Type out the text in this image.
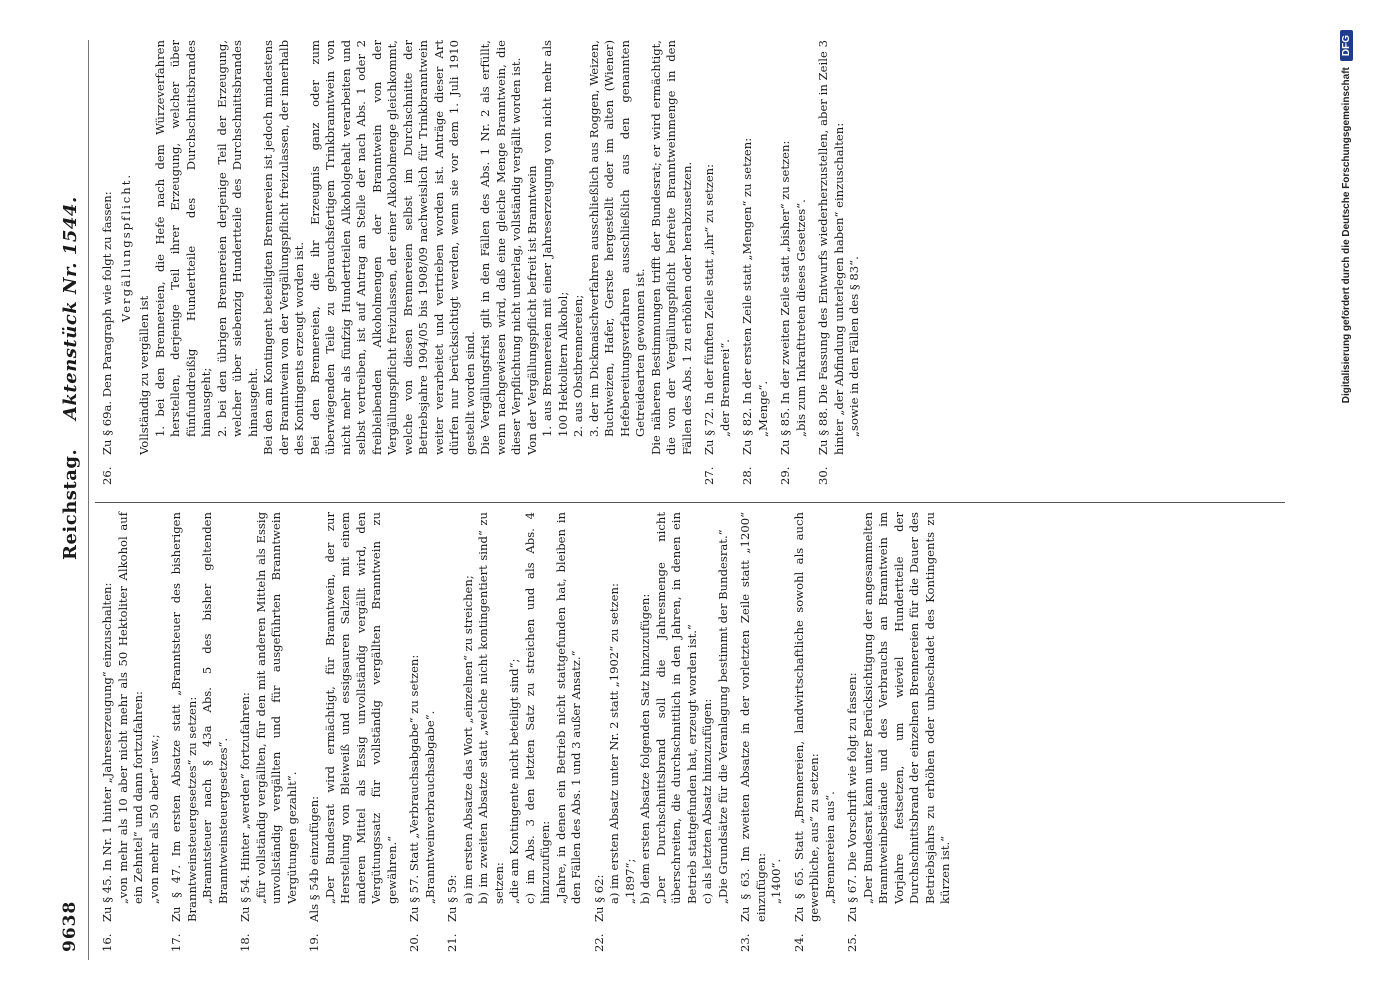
9638
Reichstag.
Aktenstück Nr. 1544.
16.

Zu § 45. In Nr. 1 hinter „Jahreserzeugung“ einzuschalten: „von mehr als 10 aber nicht mehr als 50 Hektoliter Alkohol auf ein Zehntel“ und dann fortzufahren: „von mehr als 50 aber“ usw.;

17.

Zu § 47. Im ersten Absatze statt „Branntsteuer des bisherigen Branntweinsteuergesetzes“ zu setzen: „Branntsteuer nach § 43a Abs. 5 des bisher geltenden Branntweinsteuergesetzes“.

18.

Zu § 54. Hinter „werden“ fortzufahren: „für vollständig vergällten, für den mit anderen Mitteln als Essig unvollständig vergällten und für ausgeführten Branntwein Vergütungen gezahlt“.

19.

Als § 54b einzufügen: „Der Bundesrat wird ermächtigt, für Branntwein, der zur Herstellung von Bleiweiß und essigsauren Salzen mit einem anderen Mittel als Essig unvollständig vergällt wird, den Vergütungssatz für vollständig vergällten Branntwein zu gewähren.“

20.

Zu § 57. Statt „Verbrauchsabgabe“ zu setzen: „Branntweinverbrauchsabgabe“.

21.

Zu § 59: a) im ersten Absatze das Wort „einzelnen“ zu streichen; b) im zweiten Absatze statt „welche nicht kontingentiert sind“ zu setzen: „die am Kontingente nicht beteiligt sind“; c) im Abs. 3 den letzten Satz zu streichen und als Abs. 4 hinzuzufügen: „Jahre, in denen ein Betrieb nicht stattgefunden hat, bleiben in den Fällen des Abs. 1 und 3 außer Ansatz.“

22.

Zu § 62: a) im ersten Absatz unter Nr. 2 statt „1902“ zu setzen: „1897“; b) dem ersten Absatze folgenden Satz hinzuzufügen: „Der Durchschnittsbrand soll die Jahresmenge nicht überschreiten, die durchschnittlich in den Jahren, in denen ein Betrieb stattgefunden hat, erzeugt worden ist.“ c) als letzten Absatz hinzuzufügen: „Die Grundsätze für die Veranlagung bestimmt der Bundesrat.“

23.

Zu § 63. Im zweiten Absatze in der vorletzten Zeile statt „1200“ einzufügen: „1400“.

24.

Zu § 65. Statt „Brennereien, landwirtschaftliche sowohl als auch gewerbliche, aus“ zu setzen: „Brennereien aus“.

25.

Zu § 67. Die Vorschrift wie folgt zu fassen: „Der Bundesrat kann unter Berücksichtigung der angesammelten Branntweinbestände und des Verbrauchs an Branntwein im Vorjahre festsetzen, um wieviel Hundertteile der Durchschnittsbrand der einzelnen Brennereien für die Dauer des Betriebsjahrs zu erhöhen oder unbeschadet des Kontingents zu kürzen ist.“

26.

Zu § 69a. Den Paragraph wie folgt zu fassen: Vergällungspflicht.

Vollständig zu vergällen ist 1. bei den Brennereien, die Hefe nach dem Würzeverfahren herstellen, derjenige Teil ihrer Erzeugung, welcher über fünfunddreißig Hundertteile des Durchschnittsbrandes hinausgeht; 2. bei den übrigen Brennereien derjenige Teil der Erzeugung, welcher über siebenzig Hundertteile des Durchschnittsbrandes hinausgeht. Bei den am Kontingent beteiligten Brennereien ist jedoch mindestens der Branntwein von der Vergällungspflicht freizulassen, der innerhalb des Kontingents erzeugt worden ist. Bei den Brennereien, die ihr Erzeugnis ganz oder zum überwiegenden Teile zu gebrauchsfertigem Trinkbranntwein von nicht mehr als fünfzig Hundertteilen Alkoholgehalt verarbeiten und selbst vertreiben, ist auf Antrag an Stelle der nach Abs. 1 oder 2 freibleibenden Alkoholmengen der Branntwein von der Vergällungspflicht freizulassen, der einer Alkoholmenge gleichkommt, welche von diesen Brennereien selbst im Durchschnitte der Betriebsjahre 1904/05 bis 1908/09 nachweislich für Trinkbranntwein weiter verarbeitet und vertrieben worden ist. Anträge dieser Art dürfen nur berücksichtigt werden, wenn sie vor dem 1. Juli 1910 gestellt worden sind. Die Vergällungsfrist gilt in den Fällen des Abs. 1 Nr. 2 als erfüllt, wenn nachgewiesen wird, daß eine gleiche Menge Branntwein, die dieser Verpflichtung nicht unterlag, vollständig vergällt worden ist. Von der Vergällungspflicht befreit ist Branntwein 1. aus Brennereien mit einer Jahreserzeugung von nicht mehr als 100 Hektolitern Alkohol; 2. aus Obstbrennereien; 3. der im Dickmaischverfahren ausschließlich aus Roggen, Weizen, Buchweizen, Hafer, Gerste hergestellt oder im alten (Wiener) Hefebereitungsverfahren ausschließlich aus den genannten Getreidearten gewonnen ist. Die näheren Bestimmungen trifft der Bundesrat; er wird ermächtigt, die von der Vergällungspflicht befreite Branntweinmenge in den Fällen des Abs. 1 zu erhöhen oder herabzusetzen.

27.

Zu § 72. In der fünften Zeile statt „ihr“ zu setzen: „der Brennerei“.

28.

Zu § 82. In der ersten Zeile statt „Mengen“ zu setzen: „Menge“.

29.

Zu § 85. In der zweiten Zeile statt „bisher“ zu setzen: „bis zum Inkrafttreten dieses Gesetzes“.

30.

Zu § 88. Die Fassung des Entwurfs wiederherzustellen, aber in Zeile 3 hinter „der Abfindung unterlegen haben“ einzuschalten: „sowie in den Fällen des § 83“.	Digitalisierung gefördert durch die Deutsche ForschungsgemeinschaftDFG
